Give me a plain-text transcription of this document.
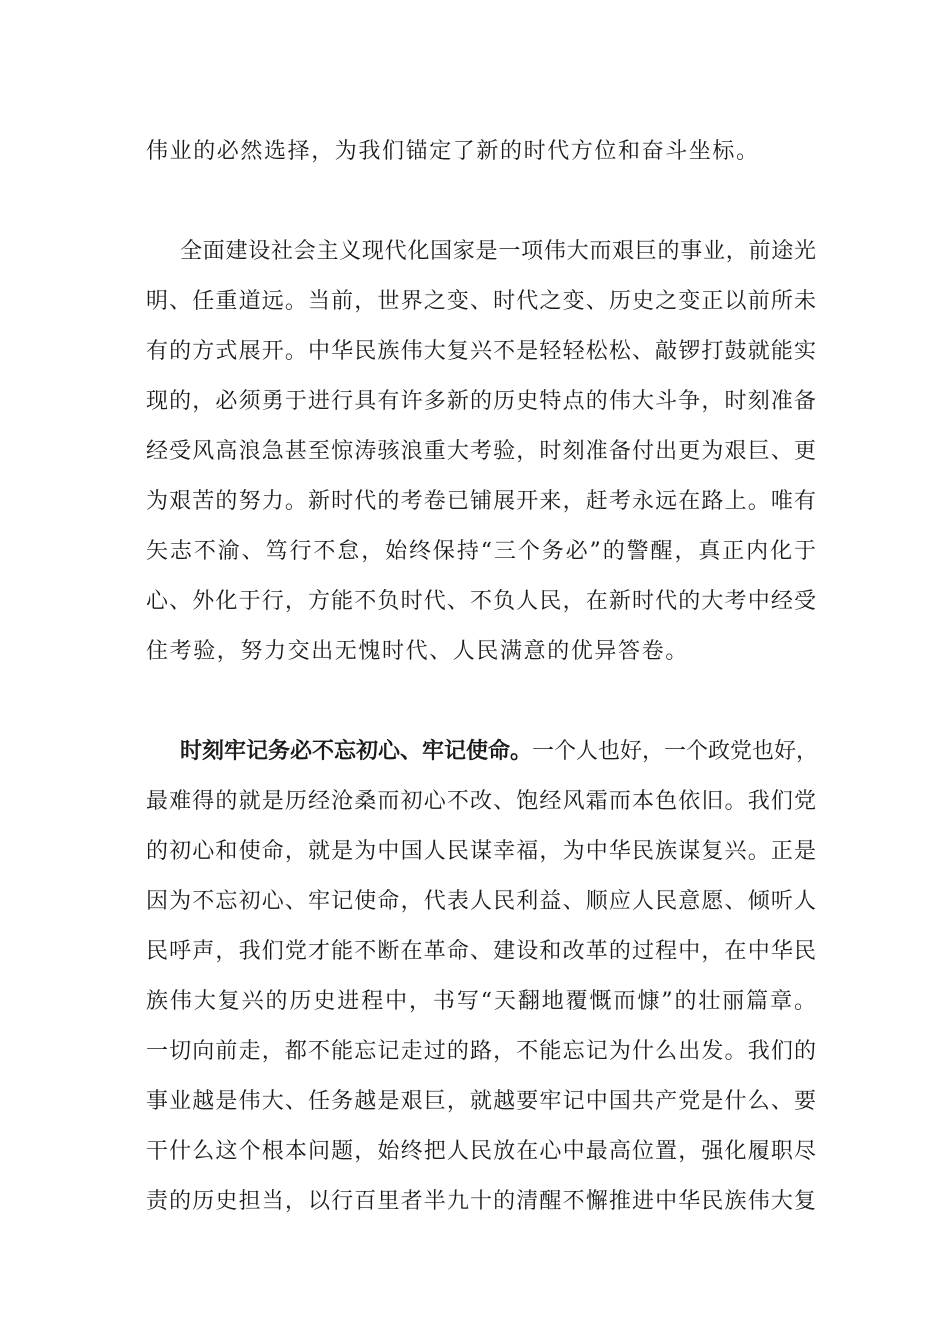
伟业的必然选择，为我们锚定了新的时代方位和奋斗坐标。

全面建设社会主义现代化国家是一项伟大而艰巨的事业，前途光

明、任重道远。当前，世界之变、时代之变、历史之变正以前所未

有的方式展开。中华民族伟大复兴不是轻轻松松、敲锣打鼓就能实

现的，必须勇于进行具有许多新的历史特点的伟大斗争，时刻准备

经受风高浪急甚至惊涛骇浪重大考验，时刻准备付出更为艰巨、更

为艰苦的努力。新时代的考卷已铺展开来，赶考永远在路上。唯有

矢志不渝、笃行不怠，始终保持“三个务必”的警醒，真正内化于

心、外化于行，方能不负时代、不负人民，在新时代的大考中经受

住考验，努力交出无愧时代、人民满意的优异答卷。

时刻牢记务必不忘初心、牢记使命。一个人也好，一个政党也好，

最难得的就是历经沧桑而初心不改、饱经风霜而本色依旧。我们党

的初心和使命，就是为中国人民谋幸福，为中华民族谋复兴。正是

因为不忘初心、牢记使命，代表人民利益、顺应人民意愿、倾听人

民呼声，我们党才能不断在革命、建设和改革的过程中，在中华民

族伟大复兴的历史进程中，书写“天翻地覆慨而慷”的壮丽篇章。

一切向前走，都不能忘记走过的路，不能忘记为什么出发。我们的

事业越是伟大、任务越是艰巨，就越要牢记中国共产党是什么、要

干什么这个根本问题，始终把人民放在心中最高位置，强化履职尽

责的历史担当，以行百里者半九十的清醒不懈推进中华民族伟大复
